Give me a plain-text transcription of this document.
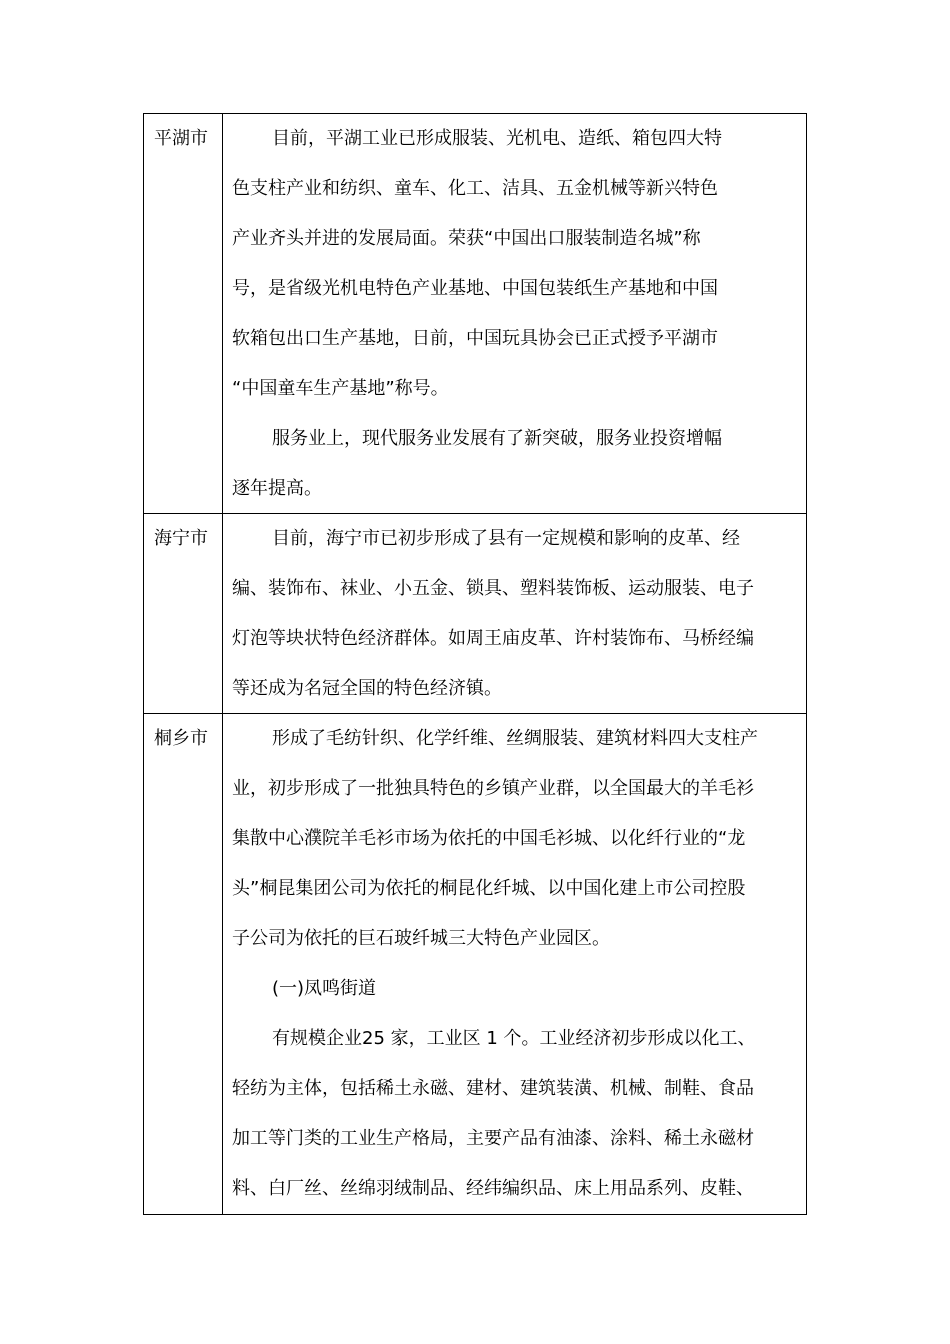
平湖市	目前，平湖工业已形成服装、光机电、造纸、箱包四大特
色支柱产业和纺织、童车、化工、洁具、五金机械等新兴特色
产业齐头并进的发展局面。荣获“中国出口服装制造名城”称
号，是省级光机电特色产业基地、中国包装纸生产基地和中国
软箱包出口生产基地，日前，中国玩具协会已正式授予平湖市
“中国童车生产基地”称号。
服务业上，现代服务业发展有了新突破，服务业投资增幅
逐年提高。
海宁市	目前，海宁市已初步形成了县有一定规模和影响的皮革、经
编、装饰布、袜业、小五金、锁具、塑料装饰板、运动服装、电子
灯泡等块状特色经济群体。如周王庙皮革、许村装饰布、马桥经编
等还成为名冠全国的特色经济镇。
桐乡市	形成了毛纺针织、化学纤维、丝绸服装、建筑材料四大支柱产
业，初步形成了一批独具特色的乡镇产业群，以全国最大的羊毛衫
集散中心濮院羊毛衫市场为依托的中国毛衫城、以化纤行业的“龙
头”桐昆集团公司为依托的桐昆化纤城、以中国化建上市公司控股
子公司为依托的巨石玻纤城三大特色产业园区。
(一)凤鸣街道
有规模企业25 家，工业区 1 个。工业经济初步形成以化工、
轻纺为主体，包括稀土永磁、建材、建筑装潢、机械、制鞋、食品
加工等门类的工业生产格局，主要产品有油漆、涂料、稀土永磁材
料、白厂丝、丝绵羽绒制品、经纬编织品、床上用品系列、皮鞋、
